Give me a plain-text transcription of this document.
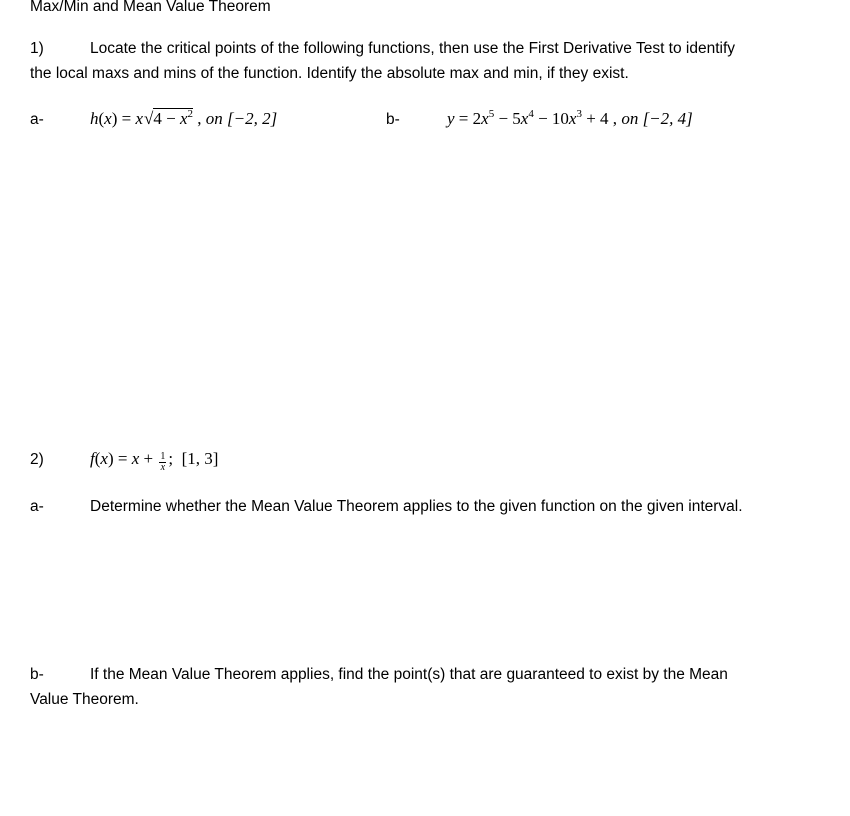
Max/Min and Mean Value Theorem
1)	Locate the critical points of the following functions, then use the First Derivative Test to identify
the local maxs and mins of the function. Identify the absolute max and min, if they exist.
a-	$h(x) = x√4 - x^2$ , on [−2, 2]	b-	$y = 2x^5 - 5x^4 - 10x^3 + 4$ , on [−2, 4]
2)	$f(x) = x + \frac{1}{x}$ ;  [1, 3]
a-	Determine whether the Mean Value Theorem applies to the given function on the given interval.
b-	If the Mean Value Theorem applies, find the point(s) that are guaranteed to exist by the Mean
Value Theorem.
